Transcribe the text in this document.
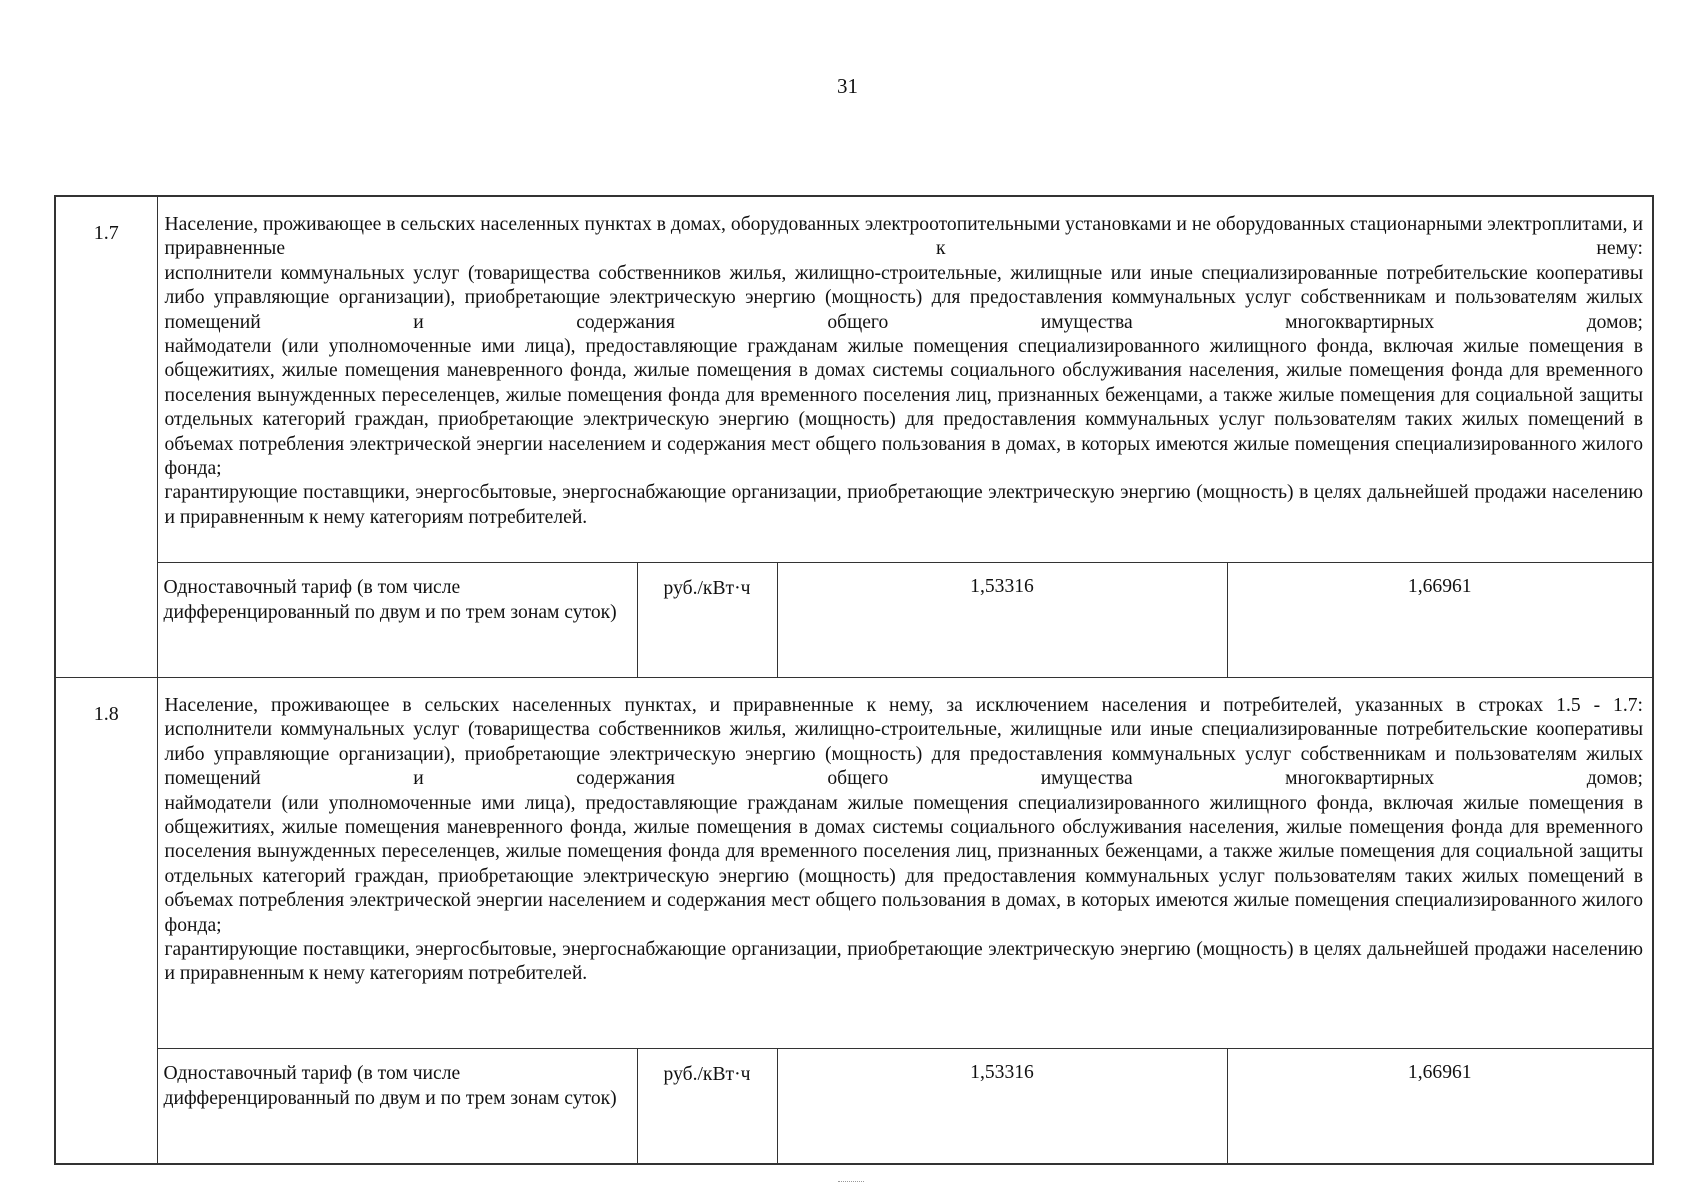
31
1.7	Население, проживающее в сельских населенных пунктах в домах, оборудованных электроотопительными установками и не оборудованных стационарными электроплитами, и приравненные к нему:
исполнители коммунальных услуг (товарищества собственников жилья, жилищно-строительные, жилищные или иные специализированные потребительские кооперативы либо управляющие организации), приобретающие электрическую энергию (мощность) для предоставления коммунальных услуг собственникам и пользователям жилых помещений и содержания общего имущества многоквартирных домов;
наймодатели (или уполномоченные ими лица), предоставляющие гражданам жилые помещения специализированного жилищного фонда, включая жилые помещения в общежитиях, жилые помещения маневренного фонда, жилые помещения в домах системы социального обслуживания населения, жилые помещения фонда для временного поселения вынужденных переселенцев, жилые помещения фонда для временного поселения лиц, признанных беженцами, а также жилые помещения для социальной защиты отдельных категорий граждан, приобретающие электрическую энергию (мощность) для предоставления коммунальных услуг пользователям таких жилых помещений в объемах потребления электрической энергии населением и содержания мест общего пользования в домах, в которых имеются жилые помещения специализированного жилого фонда;
гарантирующие поставщики, энергосбытовые, энергоснабжающие организации, приобретающие электрическую энергию (мощность) в целях дальнейшей продажи населению и приравненным к нему категориям потребителей.			

	Одноставочный тариф (в том числе дифференцированный по двум и по трем зонам суток)	руб./кВт·ч	1,53316	1,66961
1.8	Население, проживающее в сельских населенных пунктах, и приравненные к нему, за исключением населения и потребителей, указанных в строках 1.5 - 1.7:
исполнители коммунальных услуг (товарищества собственников жилья, жилищно-строительные, жилищные или иные специализированные потребительские кооперативы либо управляющие организации), приобретающие электрическую энергию (мощность) для предоставления коммунальных услуг собственникам и пользователям жилых помещений и содержания общего имущества многоквартирных домов;
наймодатели (или уполномоченные ими лица), предоставляющие гражданам жилые помещения специализированного жилищного фонда, включая жилые помещения в общежитиях, жилые помещения маневренного фонда, жилые помещения в домах системы социального обслуживания населения, жилые помещения фонда для временного поселения вынужденных переселенцев, жилые помещения фонда для временного поселения лиц, признанных беженцами, а также жилые помещения для социальной защиты отдельных категорий граждан, приобретающие электрическую энергию (мощность) для предоставления коммунальных услуг пользователям таких жилых помещений в объемах потребления электрической энергии населением и содержания мест общего пользования в домах, в которых имеются жилые помещения специализированного жилого фонда;
гарантирующие поставщики, энергосбытовые, энергоснабжающие организации, приобретающие электрическую энергию (мощность) в целях дальнейшей продажи населению и приравненным к нему категориям потребителей.			

	Одноставочный тариф (в том числе дифференцированный по двум и по трем зонам суток)	руб./кВт·ч	1,53316	1,66961
